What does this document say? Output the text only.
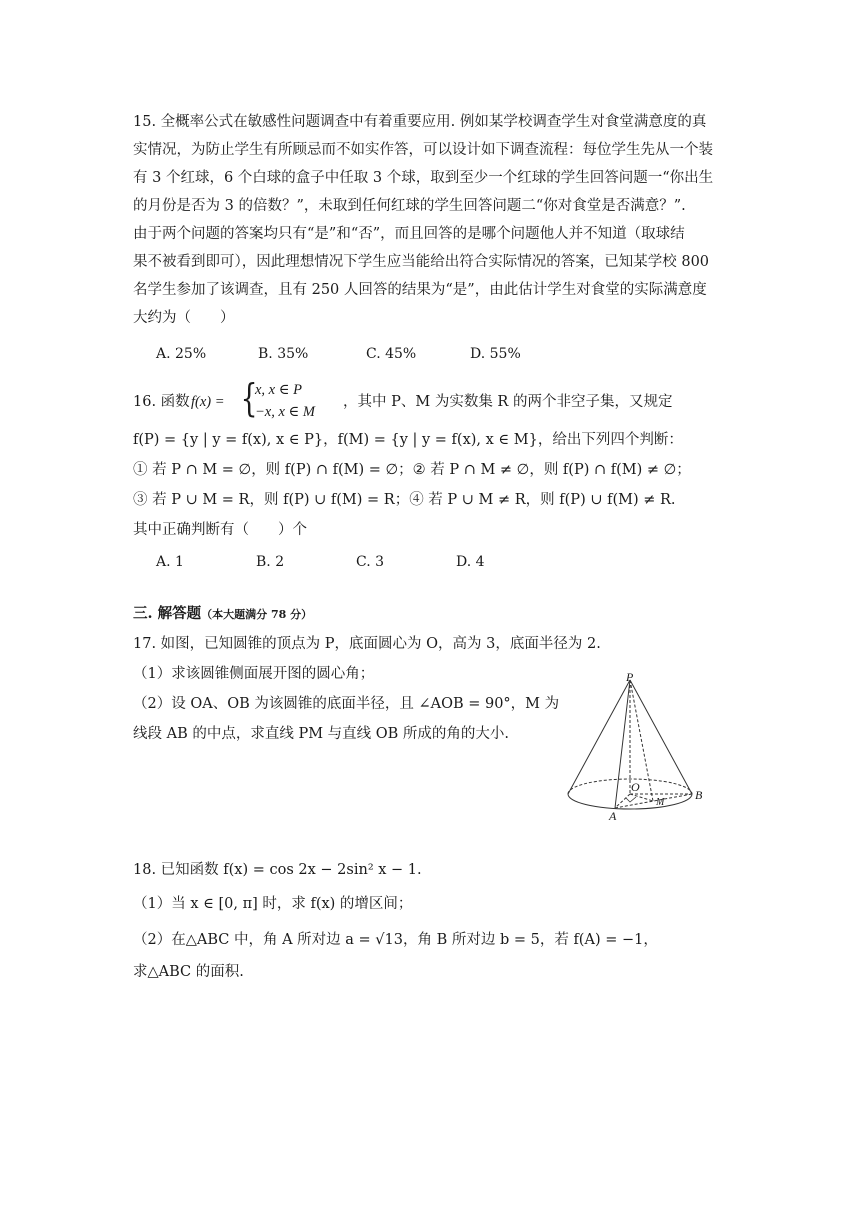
15. 全概率公式在敏感性问题调查中有着重要应用. 例如某学校调查学生对食堂满意度的真
实情况，为防止学生有所顾忌而不如实作答，可以设计如下调查流程：每位学生先从一个装
有 3 个红球，6 个白球的盒子中任取 3 个球，取到至少一个红球的学生回答问题一“你出生
的月份是否为 3 的倍数？”，未取到任何红球的学生回答问题二“你对食堂是否满意？”.
由于两个问题的答案均只有“是”和“否”，而且回答的是哪个问题他人并不知道（取球结
果不被看到即可），因此理想情况下学生应当能给出符合实际情况的答案，已知某学校 800
名学生参加了该调查，且有 250 人回答的结果为“是”，由此估计学生对食堂的实际满意度
大约为（　　）
A. 25%	B. 35%	C. 45%	D. 55%
16. 函数 f(x) = {
x, x ∈ P
−x, x ∈ M
，其中 P、M 为实数集 R 的两个非空子集，又规定
f(P) = {y | y = f(x), x ∈ P}，f(M) = {y | y = f(x), x ∈ M}，给出下列四个判断：
① 若 P ∩ M = ∅，则 f(P) ∩ f(M) = ∅；② 若 P ∩ M ≠ ∅，则 f(P) ∩ f(M) ≠ ∅；
③ 若 P ∪ M = R，则 f(P) ∪ f(M) = R；④ 若 P ∪ M ≠ R，则 f(P) ∪ f(M) ≠ R.
其中正确判断有（　　）个
A. 1	B. 2	C. 3	D. 4
三. 解答题（本大题满分 78 分）
17. 如图，已知圆锥的顶点为 P，底面圆心为 O，高为 3，底面半径为 2.
（1）求该圆锥侧面展开图的圆心角；
（2）设 OA、OB 为该圆锥的底面半径，且 ∠AOB = 90°，M 为
线段 AB 的中点，求直线 PM 与直线 OB 所成的角的大小.
P
O
M
A
B
18. 已知函数 f(x) = cos 2x − 2sin² x − 1.
（1）当 x ∈ [0, π] 时，求 f(x) 的增区间；
（2）在△ABC 中，角 A 所对边 a = √13，角 B 所对边 b = 5，若 f(A) = −1，
求△ABC 的面积.
